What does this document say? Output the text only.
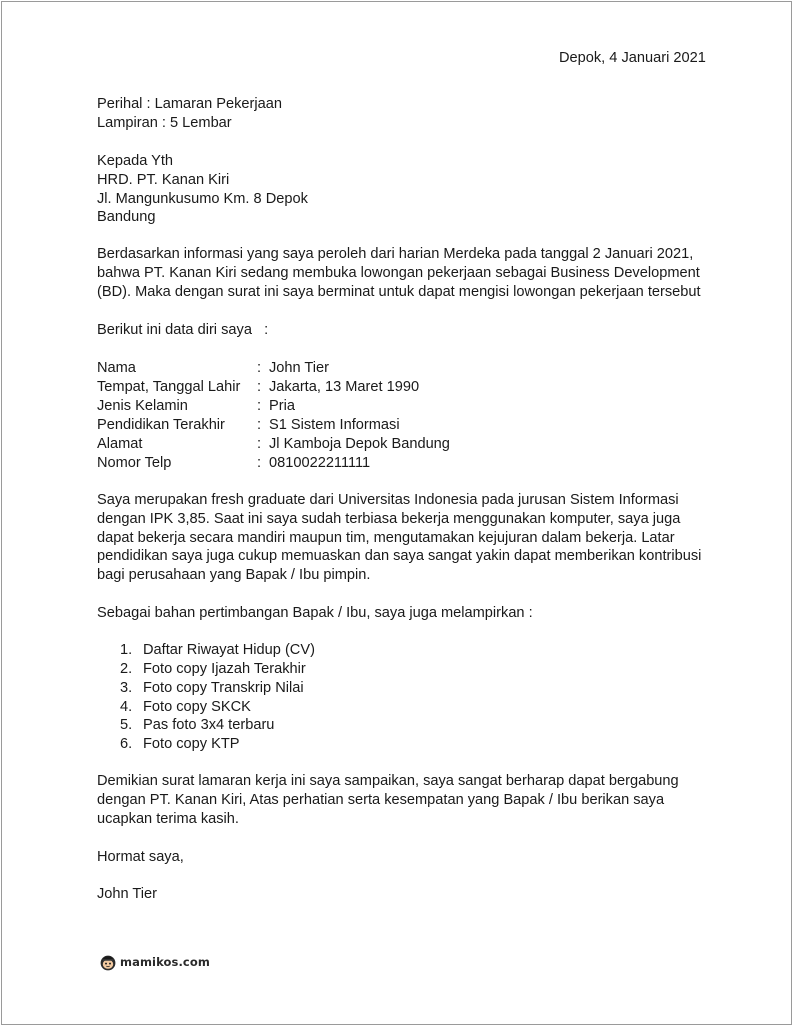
Depok, 4 Januari 2021
Perihal : Lamaran Pekerjaan
Lampiran : 5 Lembar
Kepada Yth
HRD. PT. Kanan Kiri
Jl. Mangunkusumo Km. 8 Depok
Bandung
Berdasarkan informasi yang saya peroleh dari harian Merdeka pada tanggal 2 Januari 2021,
bahwa PT. Kanan Kiri sedang membuka lowongan pekerjaan sebagai Business Development
(BD). Maka dengan surat ini saya berminat untuk dapat mengisi lowongan pekerjaan tersebut
Berikut ini data diri saya   :
Nama	: John Tier
Tempat, Tanggal Lahir : Jakarta, 13 Maret 1990
Jenis Kelamin	: Pria
Pendidikan Terakhir : S1 Sistem Informasi
Alamat	: Jl Kamboja Depok Bandung
Nomor Telp	: 0810022211111
Saya merupakan fresh graduate dari Universitas Indonesia pada jurusan Sistem Informasi
dengan IPK 3,85. Saat ini saya sudah terbiasa bekerja menggunakan komputer, saya juga
dapat bekerja secara mandiri maupun tim, mengutamakan kejujuran dalam bekerja. Latar
pendidikan saya juga cukup memuaskan dan saya sangat yakin dapat memberikan kontribusi
bagi perusahaan yang Bapak / Ibu pimpin.
Sebagai bahan pertimbangan Bapak / Ibu, saya juga melampirkan :
1. Daftar Riwayat Hidup (CV)
2. Foto copy Ijazah Terakhir
3. Foto copy Transkrip Nilai
4. Foto copy SKCK
5. Pas foto 3x4 terbaru
6. Foto copy KTP
Demikian surat lamaran kerja ini saya sampaikan, saya sangat berharap dapat bergabung
dengan PT. Kanan Kiri, Atas perhatian serta kesempatan yang Bapak / Ibu berikan saya
ucapkan terima kasih.
Hormat saya,
John Tier
mamikos.com
